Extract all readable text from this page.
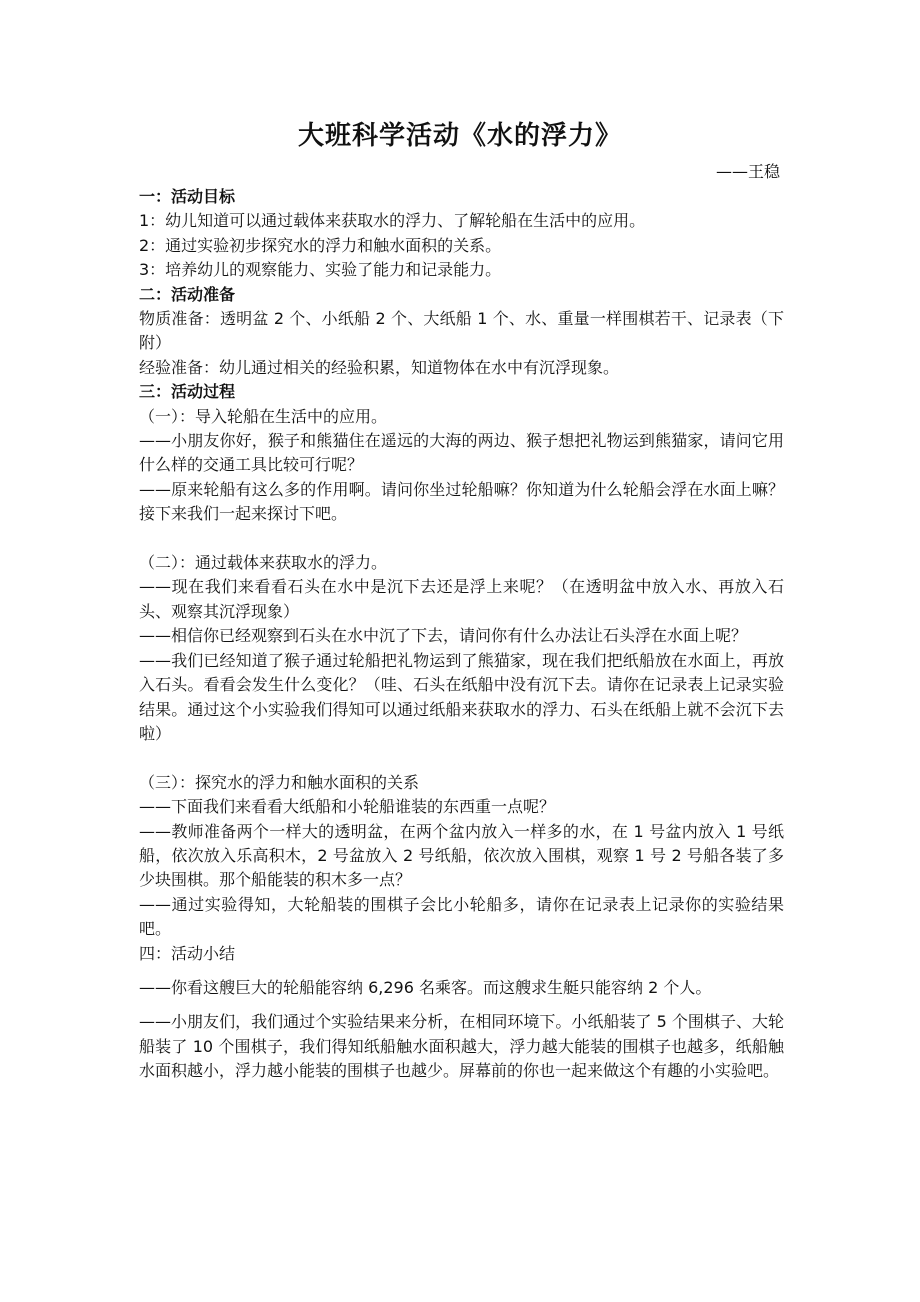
大班科学活动《水的浮力》
——王稳

一：活动目标

1：幼儿知道可以通过载体来获取水的浮力、了解轮船在生活中的应用。

2：通过实验初步探究水的浮力和触水面积的关系。

3：培养幼儿的观察能力、实验了能力和记录能力。

二：活动准备

物质准备：透明盆 2 个、小纸船 2 个、大纸船 1 个、水、重量一样围棋若干、记录表（下附）

经验准备：幼儿通过相关的经验积累，知道物体在水中有沉浮现象。

三：活动过程

（一）：导入轮船在生活中的应用。

——小朋友你好，猴子和熊猫住在遥远的大海的两边、猴子想把礼物运到熊猫家，请问它用什么样的交通工具比较可行呢？

——原来轮船有这么多的作用啊。请问你坐过轮船嘛？你知道为什么轮船会浮在水面上嘛？接下来我们一起来探讨下吧。

（二）：通过载体来获取水的浮力。

——现在我们来看看石头在水中是沉下去还是浮上来呢？（在透明盆中放入水、再放入石头、观察其沉浮现象）

——相信你已经观察到石头在水中沉了下去，请问你有什么办法让石头浮在水面上呢？

——我们已经知道了猴子通过轮船把礼物运到了熊猫家，现在我们把纸船放在水面上，再放入石头。看看会发生什么变化？（哇、石头在纸船中没有沉下去。请你在记录表上记录实验结果。通过这个小实验我们得知可以通过纸船来获取水的浮力、石头在纸船上就不会沉下去啦）

（三）：探究水的浮力和触水面积的关系

——下面我们来看看大纸船和小轮船谁装的东西重一点呢？

——教师准备两个一样大的透明盆，在两个盆内放入一样多的水，在 1 号盆内放入 1 号纸船，依次放入乐高积木，2 号盆放入 2 号纸船，依次放入围棋，观察 1 号 2 号船各装了多少块围棋。那个船能装的积木多一点？

——通过实验得知，大轮船装的围棋子会比小轮船多，请你在记录表上记录你的实验结果吧。

四：活动小结

——你看这艘巨大的轮船能容纳 6,296 名乘客。而这艘求生艇只能容纳 2 个人。

——小朋友们，我们通过个实验结果来分析，在相同环境下。小纸船装了 5 个围棋子、大轮船装了 10 个围棋子，我们得知纸船触水面积越大，浮力越大能装的围棋子也越多，纸船触水面积越小，浮力越小能装的围棋子也越少。屏幕前的你也一起来做这个有趣的小实验吧。
